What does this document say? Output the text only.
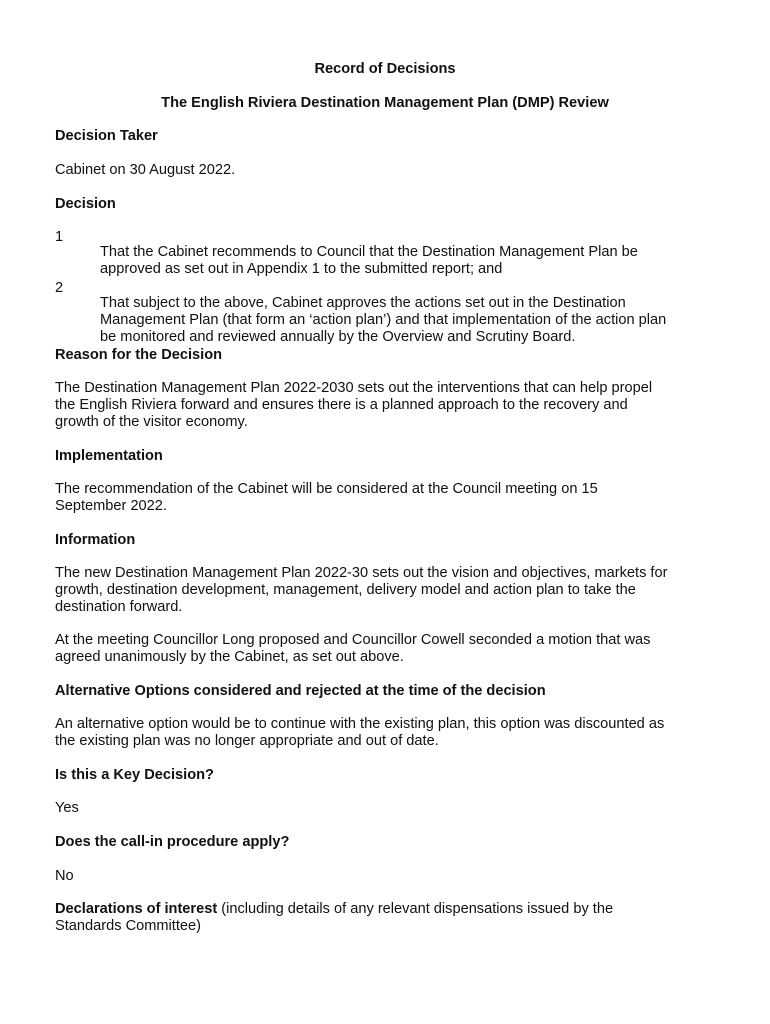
Record of Decisions

The English Riviera Destination Management Plan (DMP) Review

Decision Taker

Cabinet on 30 August 2022.

Decision

1

That the Cabinet recommends to Council that the Destination Management Plan be

approved as set out in Appendix 1 to the submitted report; and

2

That subject to the above, Cabinet approves the actions set out in the Destination

Management Plan (that form an ‘action plan’) and that implementation of the action plan

be monitored and reviewed annually by the Overview and Scrutiny Board.

Reason for the Decision

The Destination Management Plan 2022-2030 sets out the interventions that can help propel

the English Riviera forward and ensures there is a planned approach to the recovery and

growth of the visitor economy.

Implementation

The recommendation of the Cabinet will be considered at the Council meeting on 15

September 2022.

Information

The new Destination Management Plan 2022-30 sets out the vision and objectives, markets for

growth, destination development, management, delivery model and action plan to take the

destination forward.

At the meeting Councillor Long proposed and Councillor Cowell seconded a motion that was

agreed unanimously by the Cabinet, as set out above.

Alternative Options considered and rejected at the time of the decision

An alternative option would be to continue with the existing plan, this option was discounted as

the existing plan was no longer appropriate and out of date.

Is this a Key Decision?

Yes

Does the call-in procedure apply?

No

Declarations of interest (including details of any relevant dispensations issued by the

Standards Committee)
